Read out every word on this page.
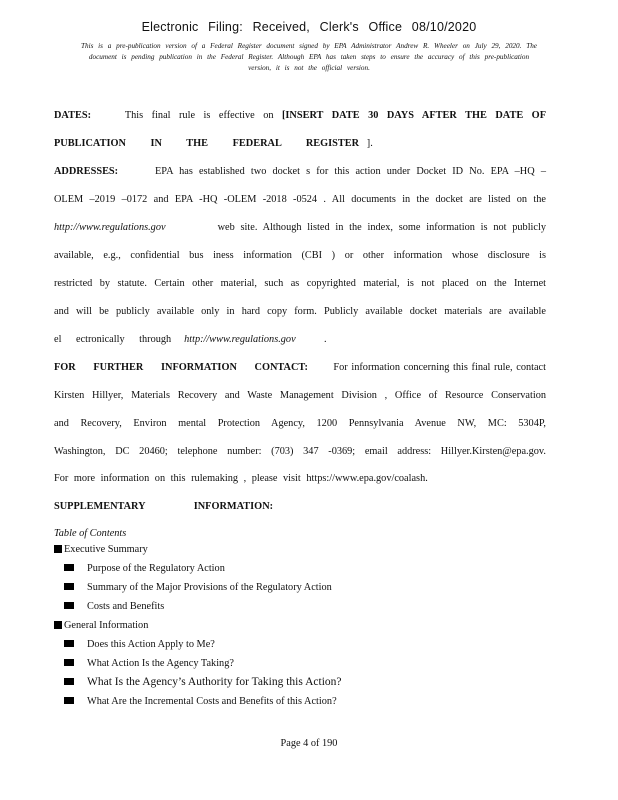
Electronic Filing: Received, Clerk's Office 08/10/2020
This is a pre-publication version of a Federal Register document signed by EPA Administrator Andrew R. Wheeler on July 29, 2020. The document is pending publication in the Federal Register. Although EPA has taken steps to ensure the accuracy of this pre-publication version, it is not the official version.
DATES:	This final rule is effective on [INSERT DATE 30 DAYS AFTER THE DATE OF
PUBLICATION IN THE FEDERAL REGISTER ].
ADDRESSES:	EPA has established two docket s for this action under Docket ID No. EPA –HQ –
OLEM –2019 –0172 and EPA -HQ -OLEM -2018 -0524 . All documents in the docket are listed on the
http://www.regulations.gov	web site. Although listed in the index, some information is not publicly
available, e.g., confidential bus iness information (CBI ) or other information whose disclosure is
restricted by statute. Certain other material, such as copyrighted material, is not placed on the Internet
and will be publicly available only in hard copy form. Publicly available docket materials are available
el ectronically through http://www.regulations.gov	.
FOR FURTHER INFORMATION CONTACT: For information concerning this final rule, contact
Kirsten Hillyer, Materials Recovery and Waste Management Division , Office of Resource Conservation
and Recovery, Environ mental Protection Agency, 1200 Pennsylvania Avenue NW, MC: 5304P,
Washington, DC 20460; telephone number: (703) 347 -0369; email address: Hillyer.Kirsten@epa.gov.
For more information on this rulemaking , please visit https://www.epa.gov/coalash.
SUPPLEMENTARY INFORMATION:
Table of Contents
Executive Summary
Purpose of the Regulatory Action
Summary of the Major Provisions of the Regulatory Action
Costs and Benefits
General Information
Does this Action Apply to Me?
What Action Is the Agency Taking?
What Is the Agency’s Authority for Taking this Action?
What Are the Incremental Costs and Benefits of this Action?
Page 4 of 190
